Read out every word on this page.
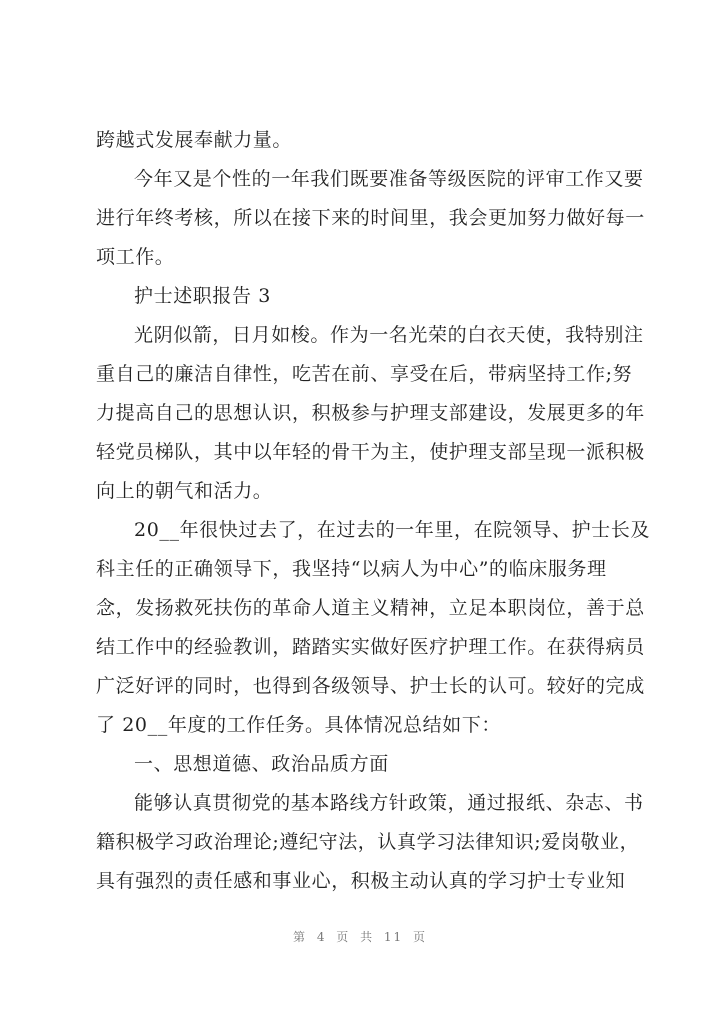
跨越式发展奉献力量。

今年又是个性的一年我们既要准备等级医院的评审工作又要
进行年终考核，所以在接下来的时间里，我会更加努力做好每一
项工作。

护士述职报告 3

光阴似箭，日月如梭。作为一名光荣的白衣天使，我特别注
重自己的廉洁自律性，吃苦在前、享受在后，带病坚持工作;努
力提高自己的思想认识，积极参与护理支部建设，发展更多的年
轻党员梯队，其中以年轻的骨干为主，使护理支部呈现一派积极
向上的朝气和活力。

20__年很快过去了，在过去的一年里，在院领导、护士长及
科主任的正确领导下，我坚持“以病人为中心”的临床服务理
念，发扬救死扶伤的革命人道主义精神，立足本职岗位，善于总
结工作中的经验教训，踏踏实实做好医疗护理工作。在获得病员
广泛好评的同时，也得到各级领导、护士长的认可。较好的完成
了 20__年度的工作任务。具体情况总结如下：

一、思想道德、政治品质方面

能够认真贯彻党的基本路线方针政策，通过报纸、杂志、书
籍积极学习政治理论;遵纪守法，认真学习法律知识;爱岗敬业，
具有强烈的责任感和事业心，积极主动认真的学习护士专业知

第 4 页 共 11 页
